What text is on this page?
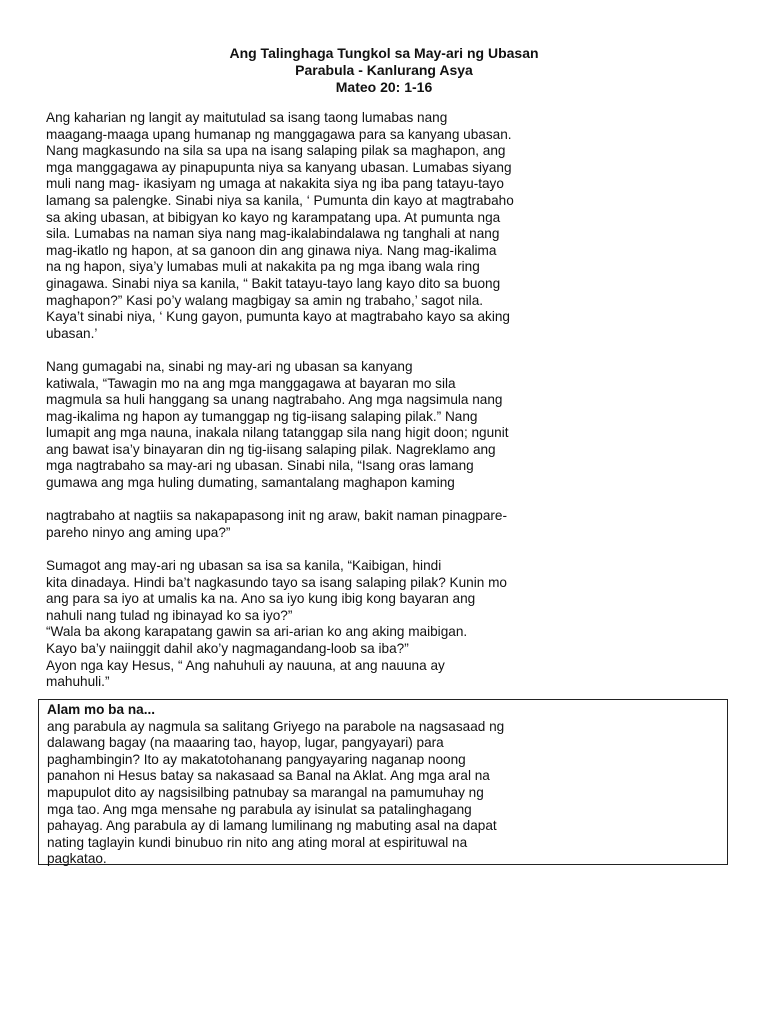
Ang Talinghaga Tungkol sa May-ari ng Ubasan
Parabula - Kanlurang Asya
Mateo 20: 1-16
Ang kaharian ng langit ay maitutulad sa isang taong lumabas nang
maagang-maaga upang humanap ng manggagawa para sa kanyang ubasan.
Nang magkasundo na sila sa upa na isang salaping pilak sa maghapon, ang
mga manggagawa ay pinapupunta niya sa kanyang ubasan. Lumabas siyang
muli nang mag- ikasiyam ng umaga at nakakita siya ng iba pang tatayu-tayo
lamang sa palengke. Sinabi niya sa kanila, ‘ Pumunta din kayo at magtrabaho
sa aking ubasan, at bibigyan ko kayo ng karampatang upa. At pumunta nga
sila. Lumabas na naman siya nang mag-ikalabindalawa ng tanghali at nang
mag-ikatlo ng hapon, at sa ganoon din ang ginawa niya. Nang mag-ikalima
na ng hapon, siya’y lumabas muli at nakakita pa ng mga ibang wala ring
ginagawa. Sinabi niya sa kanila, “ Bakit tatayu-tayo lang kayo dito sa buong
maghapon?” Kasi po’y walang magbigay sa amin ng trabaho,’ sagot nila.
Kaya’t sinabi niya, ‘ Kung gayon, pumunta kayo at magtrabaho kayo sa aking
ubasan.’
Nang gumagabi na, sinabi ng may-ari ng ubasan sa kanyang
katiwala, “Tawagin mo na ang mga manggagawa at bayaran mo sila
magmula sa huli hanggang sa unang nagtrabaho. Ang mga nagsimula nang
mag-ikalima ng hapon ay tumanggap ng tig-iisang salaping pilak.” Nang
lumapit ang mga nauna, inakala nilang tatanggap sila nang higit doon; ngunit
ang bawat isa’y binayaran din ng tig-iisang salaping pilak. Nagreklamo ang
mga nagtrabaho sa may-ari ng ubasan. Sinabi nila, “Isang oras lamang
gumawa ang mga huling dumating, samantalang maghapon kaming
nagtrabaho at nagtiis sa nakapapasong init ng araw, bakit naman pinagpare-
pareho ninyo ang aming upa?”
Sumagot ang may-ari ng ubasan sa isa sa kanila, “Kaibigan, hindi
kita dinadaya. Hindi ba’t nagkasundo tayo sa isang salaping pilak? Kunin mo
ang para sa iyo at umalis ka na. Ano sa iyo kung ibig kong bayaran ang
nahuli nang tulad ng ibinayad ko sa iyo?”
“Wala ba akong karapatang gawin sa ari-arian ko ang aking maibigan.
Kayo ba’y naiinggit dahil ako’y nagmagandang-loob sa iba?”
Ayon nga kay Hesus, “ Ang nahuhuli ay nauuna, at ang nauuna ay
mahuhuli.”
Alam mo ba na...
ang parabula ay nagmula sa salitang Griyego na parabole na nagsasaad ng
dalawang bagay (na maaaring tao, hayop, lugar, pangyayari) para
paghambingin? Ito ay makatotohanang pangyayaring naganap noong
panahon ni Hesus batay sa nakasaad sa Banal na Aklat. Ang mga aral na
mapupulot dito ay nagsisilbing patnubay sa marangal na pamumuhay ng
mga tao. Ang mga mensahe ng parabula ay isinulat sa patalinghagang
pahayag. Ang parabula ay di lamang lumilinang ng mabuting asal na dapat
nating taglayin kundi binubuo rin nito ang ating moral at espirituwal na
pagkatao.
